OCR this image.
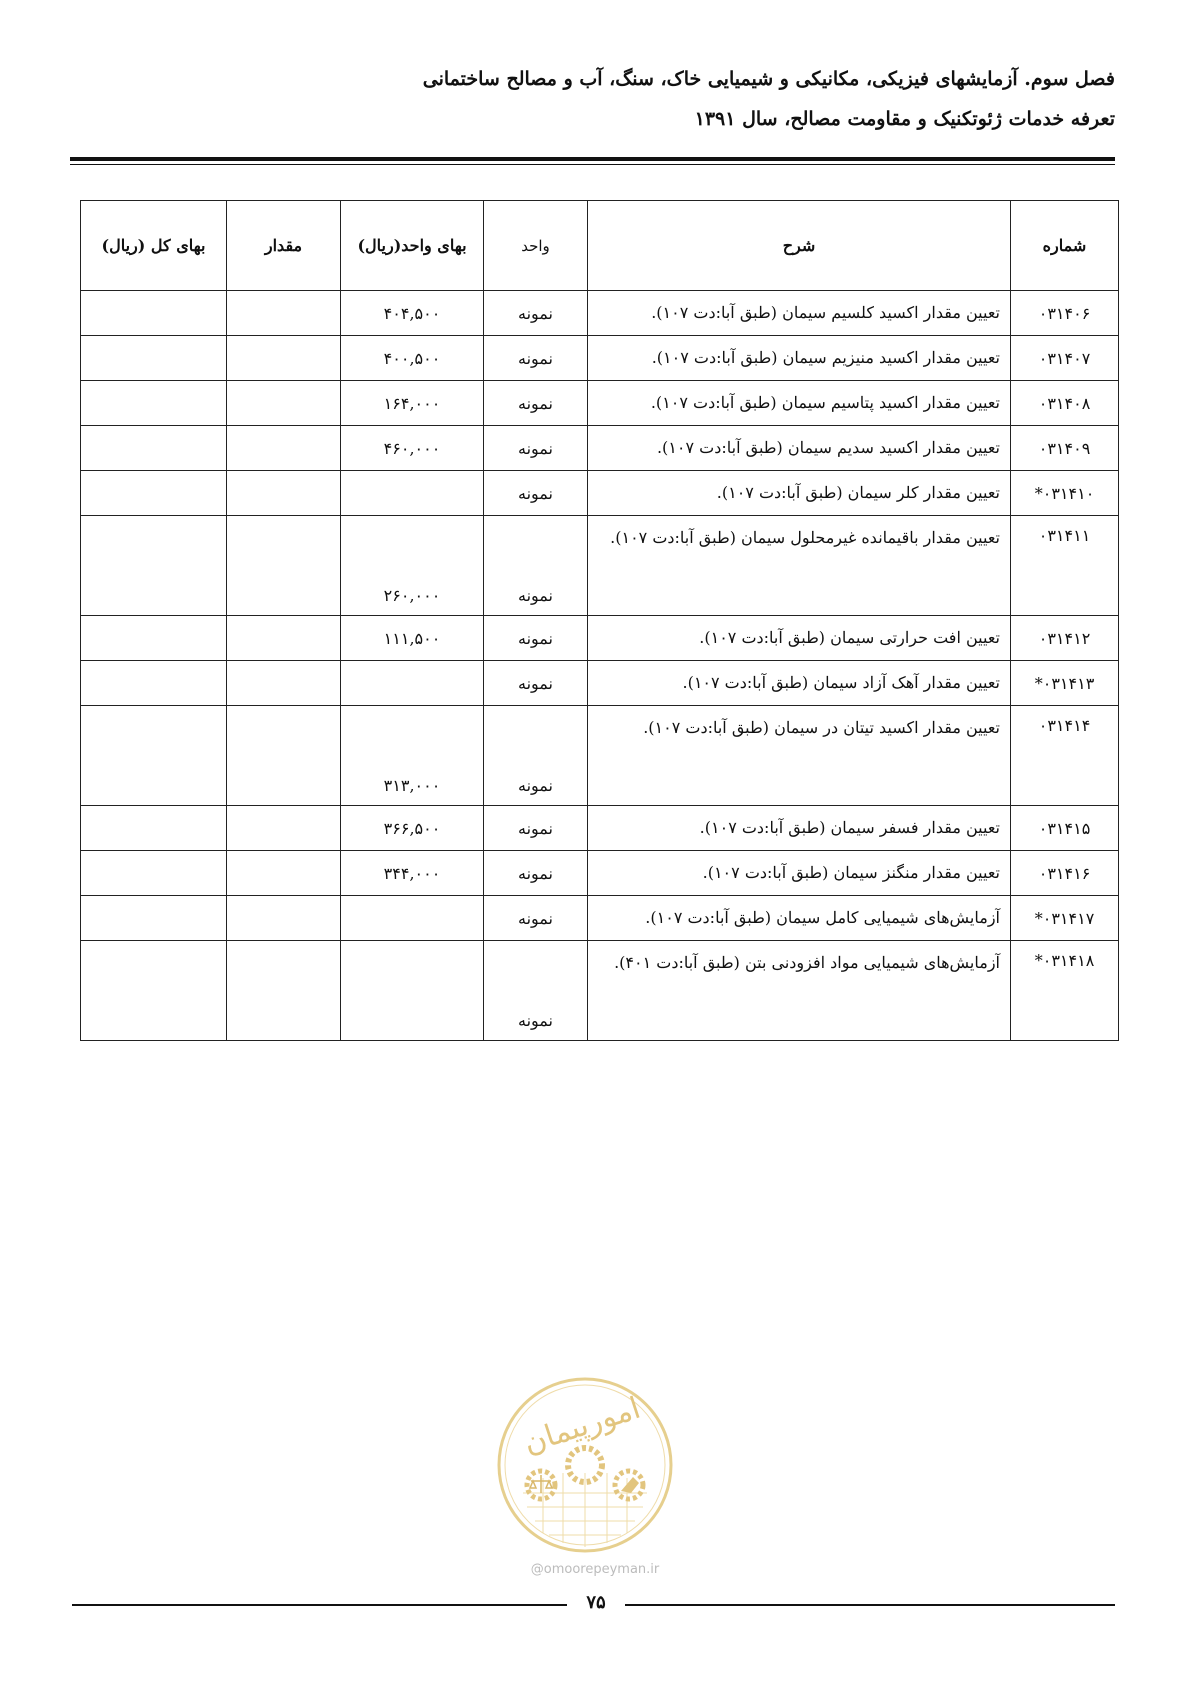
فصل سوم. آزمایشهای فیزیکی، مکانیکی و شیمیایی خاک، سنگ، آب و مصالح ساختمانی
تعرفه خدمات ژئوتکنیک و مقاومت مصالح، سال ۱۳۹۱
شماره	شرح	واحد	بهای واحد(ریال)	مقدار	بهای کل (ریال)
۰۳۱۴۰۶	تعیین مقدار اکسید کلسیم سیمان (طبق آبا:دت ۱۰۷).	نمونه	۴۰۴,۵۰۰		
۰۳۱۴۰۷	تعیین مقدار اکسید منیزیم سیمان (طبق آبا:دت ۱۰۷).	نمونه	۴۰۰,۵۰۰		
۰۳۱۴۰۸	تعیین مقدار اکسید پتاسیم سیمان (طبق آبا:دت ۱۰۷).	نمونه	۱۶۴,۰۰۰		
۰۳۱۴۰۹	تعیین مقدار اکسید سدیم سیمان (طبق آبا:دت ۱۰۷).	نمونه	۴۶۰,۰۰۰		
۰۳۱۴۱۰*	تعیین مقدار کلر سیمان (طبق آبا:دت ۱۰۷).	نمونه			
۰۳۱۴۱۱	تعیین مقدار باقیمانده غیرمحلول سیمان (طبق آبا:دت ۱۰۷).	نمونه	۲۶۰,۰۰۰		
۰۳۱۴۱۲	تعیین افت حرارتی سیمان (طبق آبا:دت ۱۰۷).	نمونه	۱۱۱,۵۰۰		
۰۳۱۴۱۳*	تعیین مقدار آهک آزاد سیمان (طبق آبا:دت ۱۰۷).	نمونه			
۰۳۱۴۱۴	تعیین مقدار اکسید تیتان در سیمان (طبق آبا:دت ۱۰۷).	نمونه	۳۱۳,۰۰۰		
۰۳۱۴۱۵	تعیین مقدار فسفر سیمان (طبق آبا:دت ۱۰۷).	نمونه	۳۶۶,۵۰۰		
۰۳۱۴۱۶	تعیین مقدار منگنز سیمان (طبق آبا:دت ۱۰۷).	نمونه	۳۴۴,۰۰۰		
۰۳۱۴۱۷*	آزمایش‌های شیمیایی کامل سیمان (طبق آبا:دت ۱۰۷).	نمونه			
۰۳۱۴۱۸*	آزمایش‌های شیمیایی مواد افزودنی بتن (طبق آبا:دت ۴۰۱).	نمونه			
امورپیمان
@omoorepeyman.ir
۷۵
